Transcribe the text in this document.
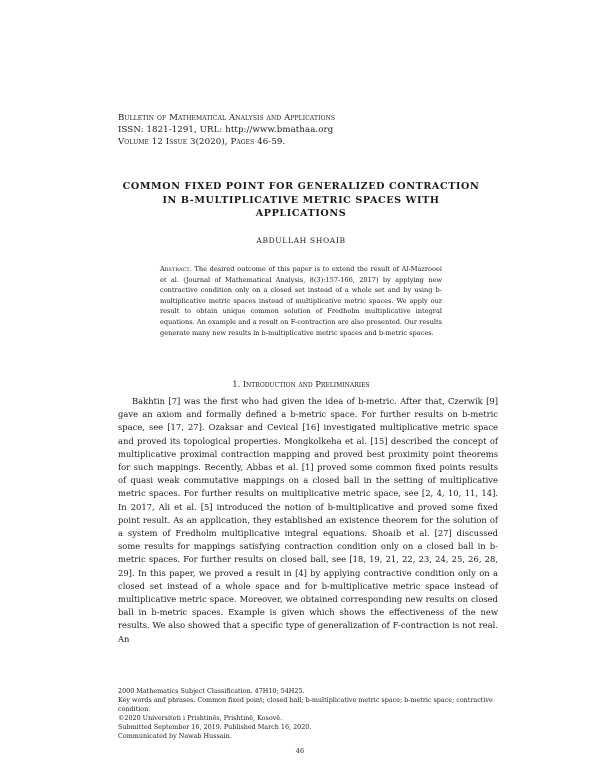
Bulletin of Mathematical Analysis and Applications
ISSN: 1821-1291, URL: http://www.bmathaa.org
Volume 12 Issue 3(2020), Pages 46-59.
COMMON FIXED POINT FOR GENERALIZED CONTRACTION
IN B-MULTIPLICATIVE METRIC SPACES WITH
APPLICATIONS
ABDULLAH SHOAIB
Abstract. The desired outcome of this paper is to extend the result of Al-Mazrooei et al. (Journal of Mathematical Analysis, 8(3):157-166, 2017) by applying new contractive condition only on a closed set instead of a whole set and by using b-multiplicative metric spaces instead of multiplicative metric spaces. We apply our result to obtain unique common solution of Fredholm multiplicative integral equations. An example and a result on F-contraction are also presented. Our results generate many new results in b-multiplicative metric spaces and b-metric spaces.
1. Introduction and Preliminaries

Bakhtin [7] was the first who had given the idea of b-metric. After that, Czerwik [9] gave an axiom and formally defined a b-metric space. For further results on b-metric space, see [17, 27]. Ozaksar and Cevical [16] investigated multiplicative metric space and proved its topological properties. Mongkolkeha et al. [15] described the concept of multiplicative proximal contraction mapping and proved best proximity point theorems for such mappings. Recently, Abbas et al. [1] proved some common fixed points results of quasi weak commutative mappings on a closed ball in the setting of multiplicative metric spaces. For further results on multiplicative metric space, see [2, 4, 10, 11, 14]. In 2017, Ali et al. [5] introduced the notion of b-multiplicative and proved some fixed point result. As an application, they established an existence theorem for the solution of a system of Fredholm multiplicative integral equations. Shoaib et al. [27] discussed some results for mappings satisfying contraction condition only on a closed ball in b-metric spaces. For further results on closed ball, see [18, 19, 21, 22, 23, 24, 25, 26, 28, 29]. In this paper, we proved a result in [4] by applying contractive condition only on a closed set instead of a whole space and for b-multiplicative metric space instead of multiplicative metric space. Moreover, we obtained corresponding new results on closed ball in b-metric spaces. Example is given which shows the effectiveness of the new results. We also showed that a specific type of generalization of F-contraction is not real. An

2000 Mathematics Subject Classification. 47H10; 54H25.
Key words and phrases. Common fixed point; closed ball; b-multiplicative metric space; b-metric space; contractive condition.
©2020 Universiteti i Prishtinës, Prishtinë, Kosovë.
Submitted September 16, 2019. Published March 16, 2020.
Communicated by Nawab Hussain.
46
